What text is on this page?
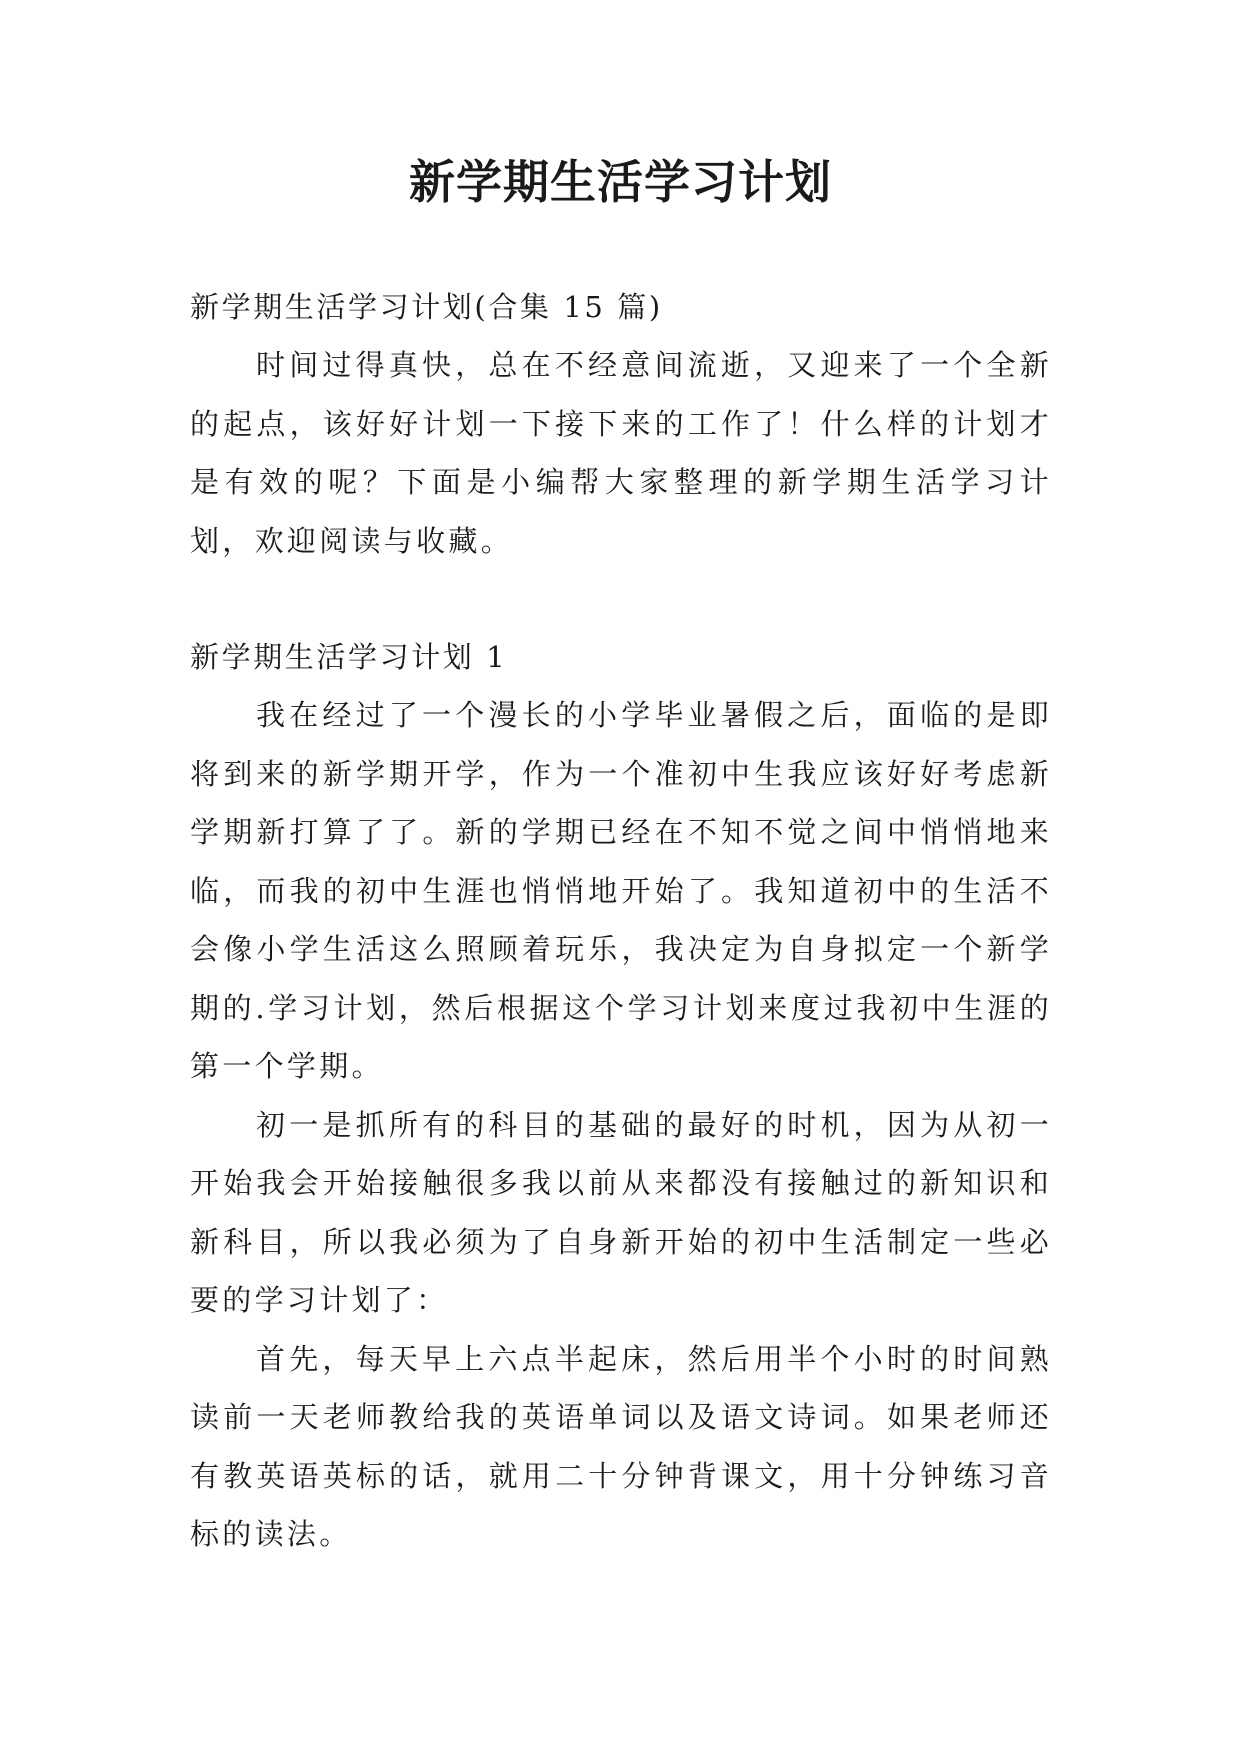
新学期生活学习计划

新学期生活学习计划(合集 15 篇)

时间过得真快，总在不经意间流逝，又迎来了一个全新的起点，该好好计划一下接下来的工作了！什么样的计划才是有效的呢？下面是小编帮大家整理的新学期生活学习计划，欢迎阅读与收藏。

新学期生活学习计划 1

我在经过了一个漫长的小学毕业暑假之后，面临的是即将到来的新学期开学，作为一个准初中生我应该好好考虑新学期新打算了了。新的学期已经在不知不觉之间中悄悄地来临，而我的初中生涯也悄悄地开始了。我知道初中的生活不会像小学生活这么照顾着玩乐，我决定为自身拟定一个新学期的.学习计划，然后根据这个学习计划来度过我初中生涯的第一个学期。

初一是抓所有的科目的基础的最好的时机，因为从初一开始我会开始接触很多我以前从来都没有接触过的新知识和新科目，所以我必须为了自身新开始的初中生活制定一些必要的学习计划了：

首先，每天早上六点半起床，然后用半个小时的时间熟读前一天老师教给我的英语单词以及语文诗词。如果老师还有教英语英标的话，就用二十分钟背课文，用十分钟练习音标的读法。
